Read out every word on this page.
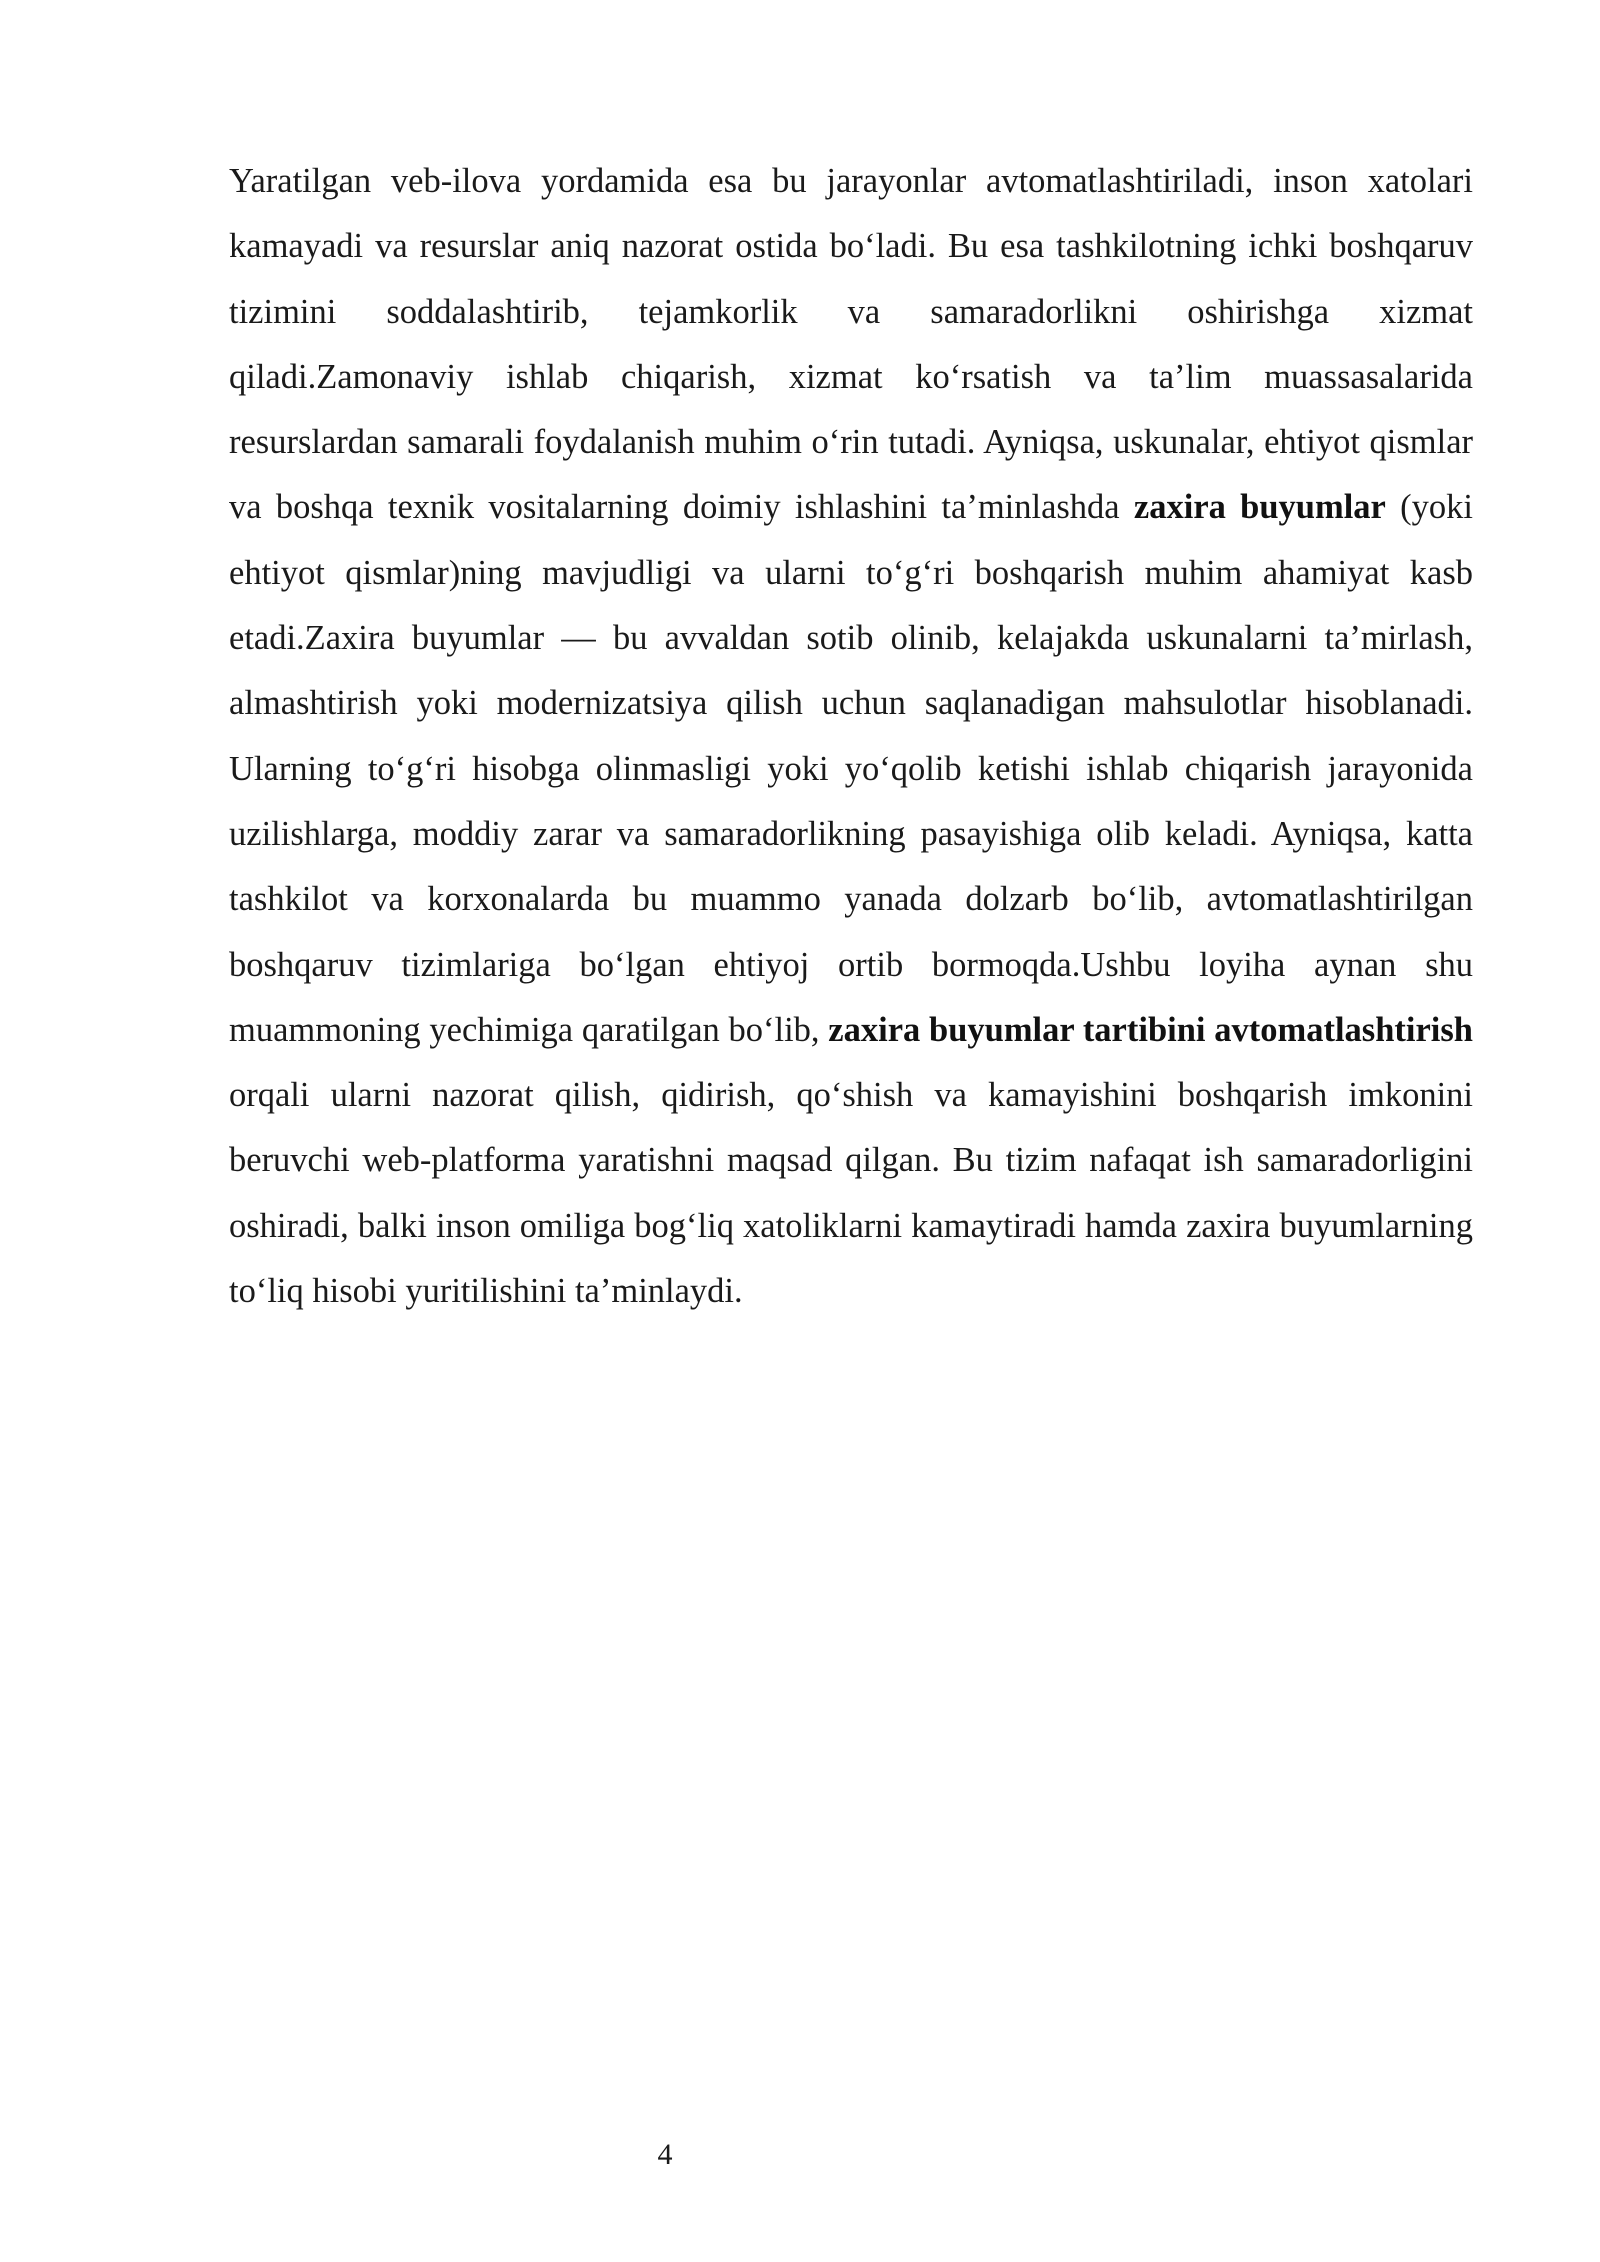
Yaratilgan veb-ilova yordamida esa bu jarayonlar avtomatlashtiriladi, inson xatolari kamayadi va resurslar aniq nazorat ostida bo‘ladi. Bu esa tashkilotning ichki boshqaruv tizimini soddalashtirib, tejamkorlik va samaradorlikni oshirishga xizmat qiladi.Zamonaviy ishlab chiqarish, xizmat ko‘rsatish va ta’lim muassasalarida resurslardan samarali foydalanish muhim o‘rin tutadi. Ayniqsa, uskunalar, ehtiyot qismlar va boshqa texnik vositalarning doimiy ishlashini ta’minlashda zaxira buyumlar (yoki ehtiyot qismlar)ning mavjudligi va ularni to‘g‘ri boshqarish muhim ahamiyat kasb etadi.Zaxira buyumlar — bu avvaldan sotib olinib, kelajakda uskunalarni ta’mirlash, almashtirish yoki modernizatsiya qilish uchun saqlanadigan mahsulotlar hisoblanadi. Ularning to‘g‘ri hisobga olinmasligi yoki yo‘qolib ketishi ishlab chiqarish jarayonida uzilishlarga, moddiy zarar va samaradorlikning pasayishiga olib keladi. Ayniqsa, katta tashkilot va korxonalarda bu muammo yanada dolzarb bo‘lib, avtomatlashtirilgan boshqaruv tizimlariga bo‘lgan ehtiyoj ortib bormoqda.Ushbu loyiha aynan shu muammoning yechimiga qaratilgan bo‘lib, zaxira buyumlar tartibini avtomatlashtirish orqali ularni nazorat qilish, qidirish, qo‘shish va kamayishini boshqarish imkonini beruvchi web-platforma yaratishni maqsad qilgan. Bu tizim nafaqat ish samaradorligini oshiradi, balki inson omiliga bog‘liq xatoliklarni kamaytiradi hamda zaxira buyumlarning to‘liq hisobi yuritilishini ta’minlaydi.

4
